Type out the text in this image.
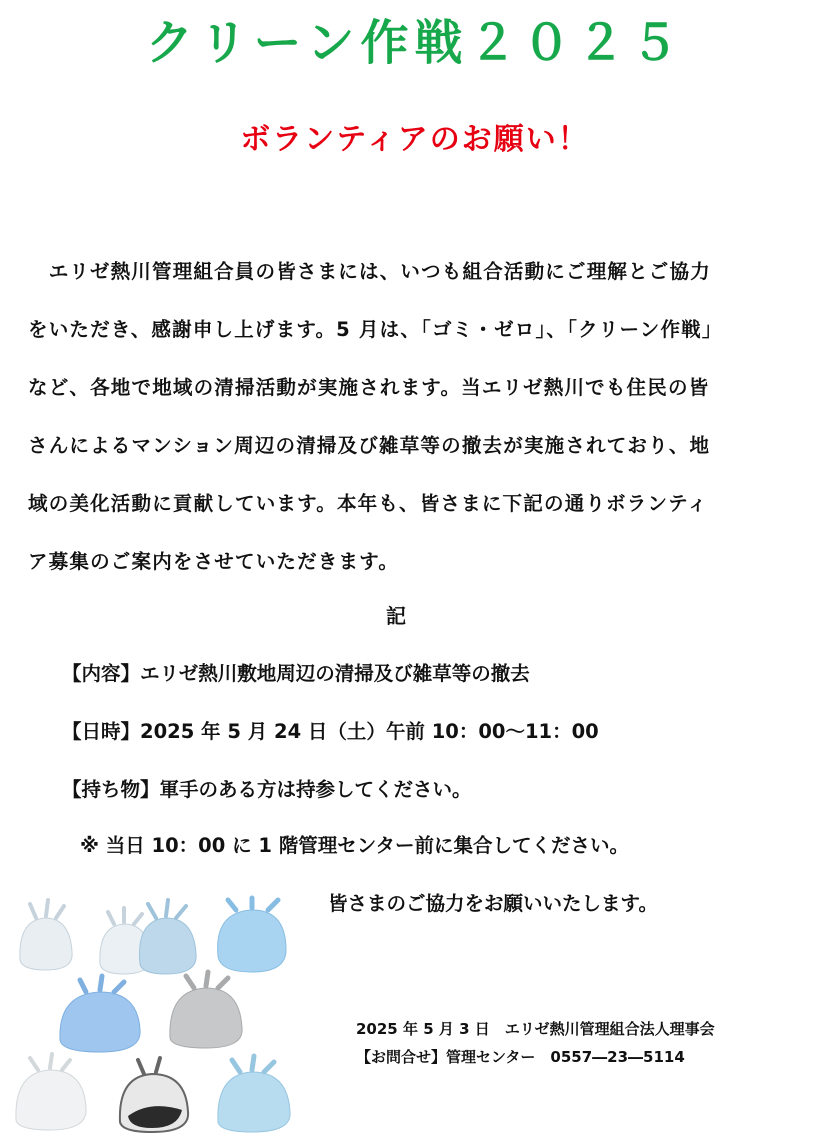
クリーン作戦２０２５
ボランティアのお願い！
　エリゼ熱川管理組合員の皆さまには、いつも組合活動にご理解とご協力
をいただき、感謝申し上げます。5 月は、「ゴミ・ゼロ」、「クリーン作戦」
など、各地で地域の清掃活動が実施されます。当エリゼ熱川でも住民の皆
さんによるマンション周辺の清掃及び雑草等の撤去が実施されており、地
域の美化活動に貢献しています。本年も、皆さまに下記の通りボランティ
ア募集のご案内をさせていただきます。
記
【内容】エリゼ熱川敷地周辺の清掃及び雑草等の撤去
【日時】2025 年 5 月 24 日（土）午前 10：00～11：00
【持ち物】軍手のある方は持参してください。
※ 当日 10：00 に 1 階管理センター前に集合してください。
皆さまのご協力をお願いいたします。
2025 年 5 月 3 日　エリゼ熱川管理組合法人理事会
【お問合せ】管理センター　0557―23―5114
